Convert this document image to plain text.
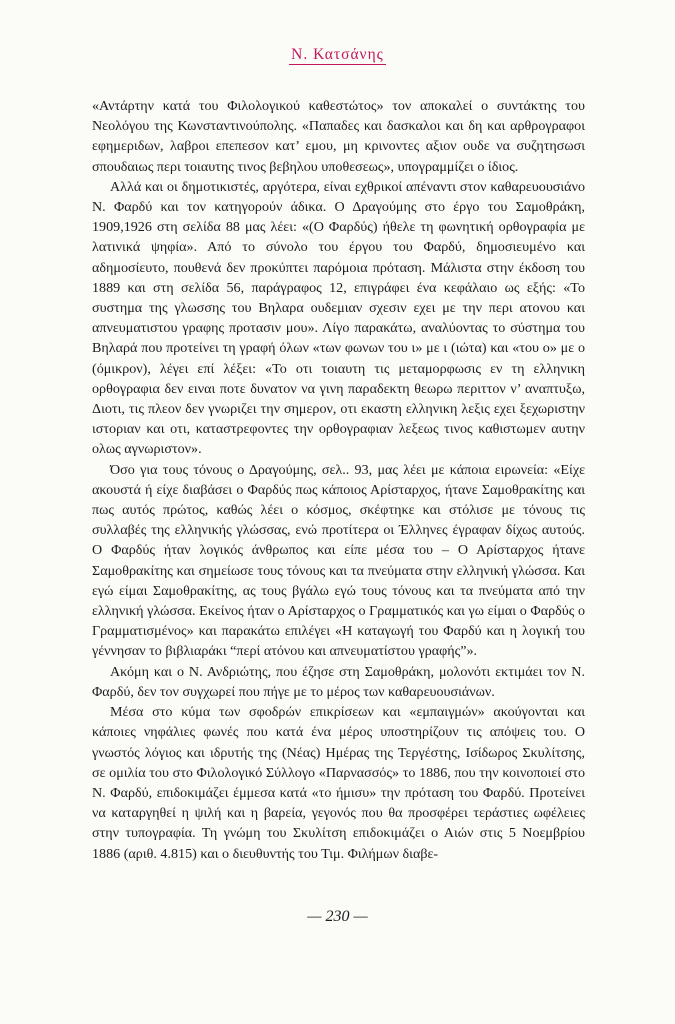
Ν. Κατσάνης

«Αντάρτην κατά του Φιλολογικού καθεστώτος» τον αποκαλεί ο συντάκτης του Νεολόγου της Κωνσταντινούπολης. «Παπαδες και δασκαλοι και δη και αρθρογραφοι εφημεριδων, λαβροι επεπεσον κατ’ εμου, μη κρινοντες αξιον ουδε να συζητησωσι σπουδαιως περι τοιαυτης τινος βεβηλου υποθεσεως», υπογραμμίζει ο ίδιος.

Αλλά και οι δημοτικιστές, αργότερα, είναι εχθρικοί απέναντι στον καθαρευουσιάνο Ν. Φαρδύ και τον κατηγορούν άδικα. Ο Δραγούμης στο έργο του Σαμοθράκη, 1909,1926 στη σελίδα 88 μας λέει: «(Ο Φαρδύς) ήθελε τη φωνητική ορθογραφία με λατινικά ψηφία». Από το σύνολο του έργου του Φαρδύ, δημοσιευμένο και αδημοσίευτο, πουθενά δεν προκύπτει παρόμοια πρόταση. Μάλιστα στην έκδοση του 1889 και στη σελίδα 56, παράγραφος 12, επιγράφει ένα κεφάλαιο ως εξής: «Το συστημα της γλωσσης του Βηλαρα ουδεμιαν σχεσιν εχει με την περι ατονου και απνευματιστου γραφης προτασιν μου». Λίγο παρακάτω, αναλύοντας το σύστημα του Βηλαρά που προτείνει τη γραφή όλων «των φωνων του ι» με ι (ιώτα) και «του ο» με ο (όμικρον), λέγει επί λέξει: «Το οτι τοιαυτη τις μεταμορφωσις εν τη ελληνικη ορθογραφια δεν ειναι ποτε δυνατον να γινη παραδεκτη θεωρω περιττον ν’ αναπτυξω, Διοτι, τις πλεον δεν γνωριζει την σημερον, οτι εκαστη ελληνικη λεξις εχει ξεχωριστην ιστοριαν και οτι, καταστρεφοντες την ορθογραφιαν λεξεως τινος καθιστωμεν αυτην ολως αγνωριστον».

Όσο για τους τόνους ο Δραγούμης, σελ.. 93, μας λέει με κάποια ειρωνεία: «Είχε ακουστά ή είχε διαβάσει ο Φαρδύς πως κάποιος Αρίσταρχος, ήτανε Σαμοθρακίτης και πως αυτός πρώτος, καθώς λέει ο κόσμος, σκέφτηκε και στόλισε με τόνους τις συλλαβές της ελληνικής γλώσσας, ενώ προτίτερα οι Έλληνες έγραφαν δίχως αυτούς. Ο Φαρδύς ήταν λογικός άνθρωπος και είπε μέσα του – Ο Αρίσταρχος ήτανε Σαμοθρακίτης και σημείωσε τους τόνους και τα πνεύματα στην ελληνική γλώσσα. Και εγώ είμαι Σαμοθρακίτης, ας τους βγάλω εγώ τους τόνους και τα πνεύματα από την ελληνική γλώσσα. Εκείνος ήταν ο Αρίσταρχος ο Γραμματικός και γω είμαι ο Φαρδύς ο Γραμματισμένος» και παρακάτω επιλέγει «Η καταγωγή του Φαρδύ και η λογική του γέννησαν το βιβλιαράκι “περί ατόνου και απνευματίστου γραφής”».

Ακόμη και ο Ν. Ανδριώτης, που έζησε στη Σαμοθράκη, μολονότι εκτιμάει τον Ν. Φαρδύ, δεν τον συγχωρεί που πήγε με το μέρος των καθαρευουσιάνων.

Μέσα στο κύμα των σφοδρών επικρίσεων και «εμπαιγμών» ακούγονται και κάποιες νηφάλιες φωνές που κατά ένα μέρος υποστηρίζουν τις απόψεις του. Ο γνωστός λόγιος και ιδρυτής της (Νέας) Ημέρας της Τεργέστης, Ισίδωρος Σκυλίτσης, σε ομιλία του στο Φιλολογικό Σύλλογο «Παρνασσός» το 1886, που την κοινοποιεί στο Ν. Φαρδύ, επιδοκιμάζει έμμεσα κατά «το ήμισυ» την πρόταση του Φαρδύ. Προτείνει να καταργηθεί η ψιλή και η βαρεία, γεγονός που θα προσφέρει τεράστιες ωφέλειες στην τυπογραφία. Τη γνώμη του Σκυλίτση επιδοκιμάζει ο Αιών στις 5 Νοεμβρίου 1886 (αριθ. 4.815) και ο διευθυντής του Τιμ. Φιλήμων διαβε-

— 230 —
